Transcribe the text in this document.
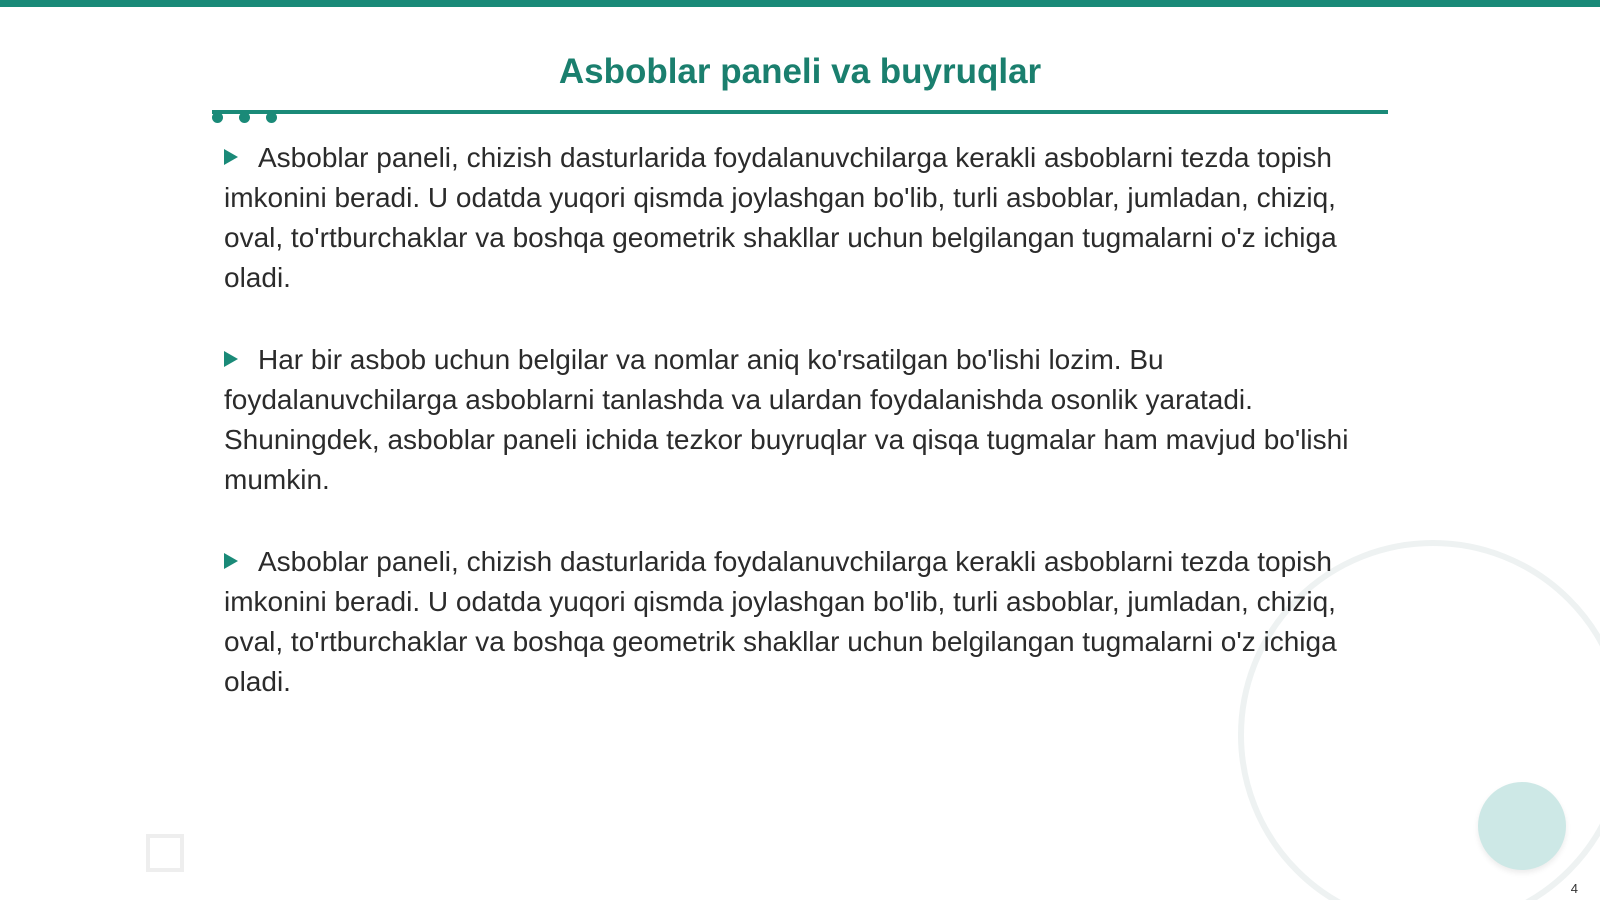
Asboblar paneli va buyruqlar

Asboblar paneli, chizish dasturlarida foydalanuvchilarga kerakli asboblarni tezda topish imkonini beradi. U odatda yuqori qismda joylashgan bo'lib, turli asboblar, jumladan, chiziq, oval, to'rtburchaklar va boshqa geometrik shakllar uchun belgilangan tugmalarni o'z ichiga oladi.

Har bir asbob uchun belgilar va nomlar aniq ko'rsatilgan bo'lishi lozim. Bu foydalanuvchilarga asboblarni tanlashda va ulardan foydalanishda osonlik yaratadi. Shuningdek, asboblar paneli ichida tezkor buyruqlar va qisqa tugmalar ham mavjud bo'lishi mumkin.

Asboblar paneli, chizish dasturlarida foydalanuvchilarga kerakli asboblarni tezda topish imkonini beradi. U odatda yuqori qismda joylashgan bo'lib, turli asboblar, jumladan, chiziq, oval, to'rtburchaklar va boshqa geometrik shakllar uchun belgilangan tugmalarni o'z ichiga oladi.

4
